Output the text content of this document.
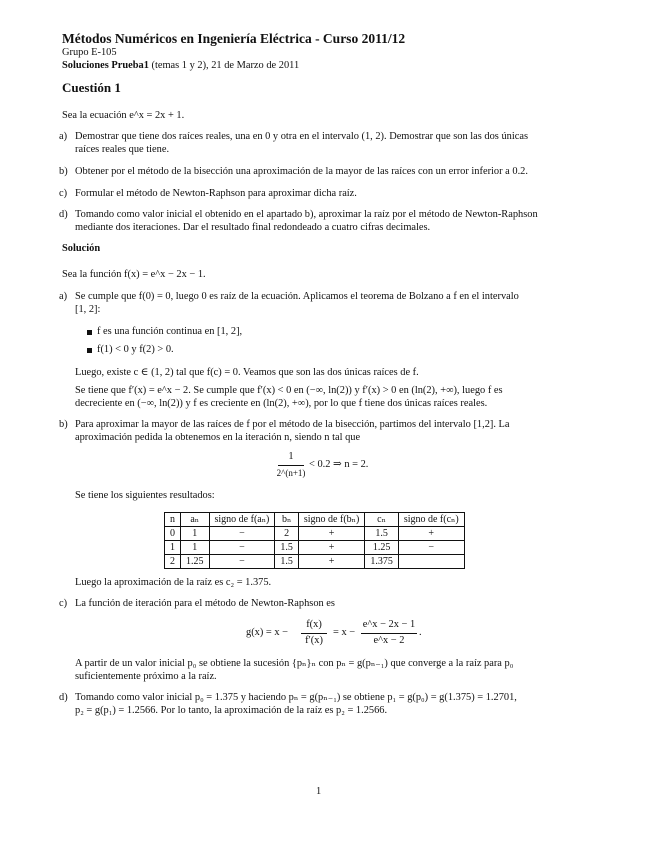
Métodos Numéricos en Ingeniería Eléctrica - Curso 2011/12
Grupo E-105
Soluciones Prueba1 (temas 1 y 2), 21 de Marzo de 2011
Cuestión 1
Sea la ecuación e^x = 2x + 1.
a) Demostrar que tiene dos raíces reales, una en 0 y otra en el intervalo (1, 2). Demostrar que son las dos únicas
raíces reales que tiene.
b) Obtener por el método de la bisección una aproximación de la mayor de las raíces con un error inferior a 0.2.
c) Formular el método de Newton-Raphson para aproximar dicha raíz.
d) Tomando como valor inicial el obtenido en el apartado b), aproximar la raíz por el método de Newton-Raphson
mediante dos iteraciones. Dar el resultado final redondeado a cuatro cifras decimales.
Solución
Sea la función f(x) = e^x − 2x − 1.
a) Se cumple que f(0) = 0, luego 0 es raíz de la ecuación. Aplicamos el teorema de Bolzano a f en el intervalo
[1, 2]:
f es una función continua en [1, 2],
f(1) < 0 y f(2) > 0.
Luego, existe c ∈ (1, 2) tal que f(c) = 0. Veamos que son las dos únicas raíces de f.
Se tiene que f′(x) = e^x − 2. Se cumple que f′(x) < 0 en (−∞, ln(2)) y f′(x) > 0 en (ln(2), +∞), luego f es
decreciente en (−∞, ln(2)) y f es creciente en (ln(2), +∞), por lo que f tiene dos únicas raíces reales.
b) Para aproximar la mayor de las raíces de f por el método de la bisección, partimos del intervalo [1,2]. La
aproximación pedida la obtenemos en la iteración n, siendo n tal que
1
2^(n+1)
< 0.2 ⇒ n = 2.
Se tiene los siguientes resultados:
n	aₙ	signo de f(aₙ)	bₙ	signo de f(bₙ)	cₙ	signo de f(cₙ)
0	1	−	2	+	1.5	+
1	1	−	1.5	+	1.25	−
2	1.25	−	1.5	+	1.375	
Luego la aproximación de la raíz es c₂ = 1.375.
c) La función de iteración para el método de Newton-Raphson es
g(x) = x −
f(x)
f′(x)
= x −
e^x − 2x − 1
e^x − 2
.
A partir de un valor inicial p₀ se obtiene la sucesión {pₙ}ₙ con pₙ = g(pₙ₋₁) que converge a la raíz para p₀
suficientemente próximo a la raíz.
d) Tomando como valor inicial p₀ = 1.375 y haciendo pₙ = g(pₙ₋₁) se obtiene p₁ = g(p₀) = g(1.375) = 1.2701,
p₂ = g(p₁) = 1.2566. Por lo tanto, la aproximación de la raíz es p₂ = 1.2566.
1
